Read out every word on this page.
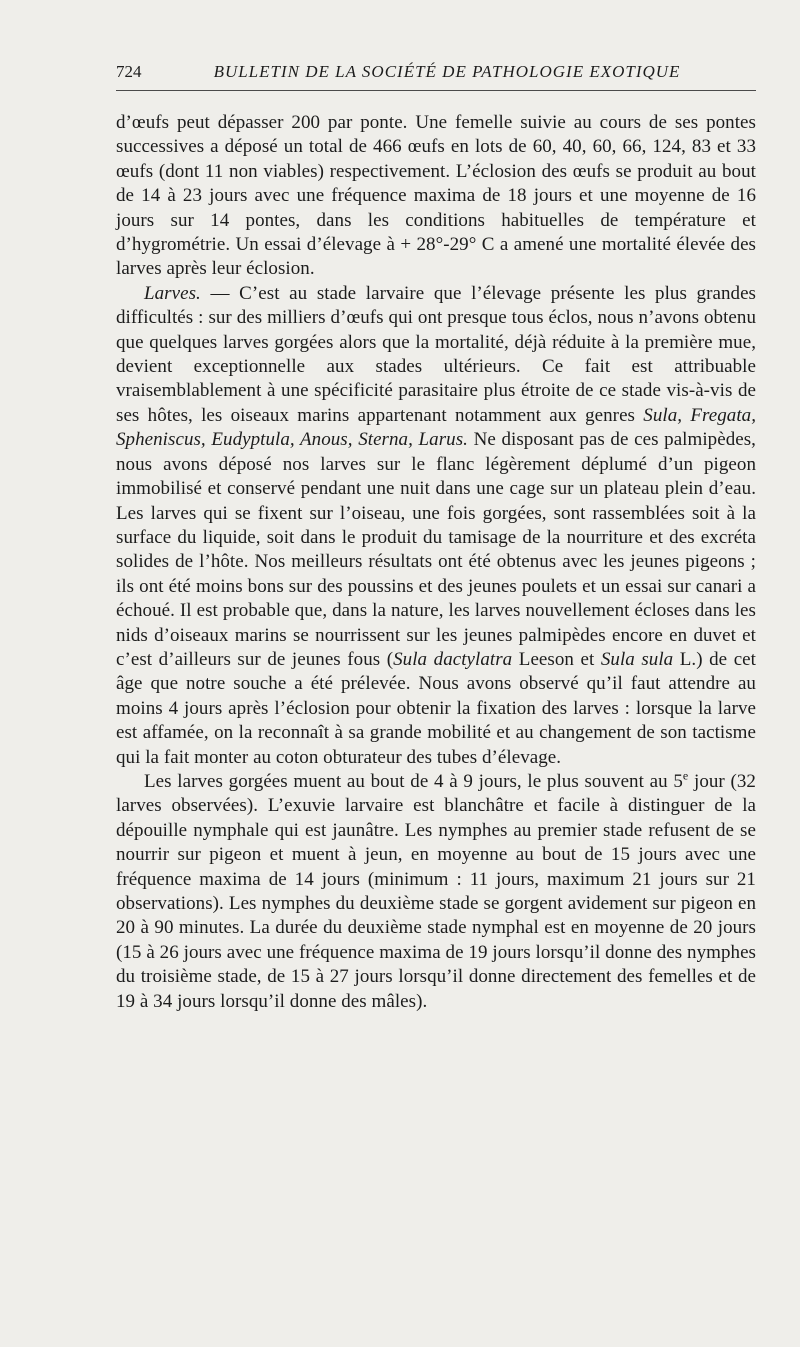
724	BULLETIN DE LA SOCIÉTÉ DE PATHOLOGIE EXOTIQUE

d’œufs peut dépasser 200 par ponte. Une femelle suivie au cours de ses pontes successives a déposé un total de 466 œufs en lots de 60, 40, 60, 66, 124, 83 et 33 œufs (dont 11 non viables) respectivement. L’éclosion des œufs se produit au bout de 14 à 23 jours avec une fréquence maxima de 18 jours et une moyenne de 16 jours sur 14 pontes, dans les conditions habituelles de température et d’hygrométrie. Un essai d’élevage à + 28°-29° C a amené une mortalité élevée des larves après leur éclosion.

Larves. — C’est au stade larvaire que l’élevage présente les plus grandes difficultés : sur des milliers d’œufs qui ont presque tous éclos, nous n’avons obtenu que quelques larves gorgées alors que la mortalité, déjà réduite à la première mue, devient exceptionnelle aux stades ultérieurs. Ce fait est attribuable vraisemblablement à une spécificité parasitaire plus étroite de ce stade vis-à-vis de ses hôtes, les oiseaux marins appartenant notamment aux genres Sula, Fregata, Spheniscus, Eudyptula, Anous, Sterna, Larus. Ne disposant pas de ces palmipèdes, nous avons déposé nos larves sur le flanc légèrement déplumé d’un pigeon immobilisé et conservé pendant une nuit dans une cage sur un plateau plein d’eau. Les larves qui se fixent sur l’oiseau, une fois gorgées, sont rassemblées soit à la surface du liquide, soit dans le produit du tamisage de la nourriture et des excréta solides de l’hôte. Nos meilleurs résultats ont été obtenus avec les jeunes pigeons ; ils ont été moins bons sur des poussins et des jeunes poulets et un essai sur canari a échoué. Il est probable que, dans la nature, les larves nouvellement écloses dans les nids d’oiseaux marins se nourrissent sur les jeunes palmipèdes encore en duvet et c’est d’ailleurs sur de jeunes fous (Sula dactylatra Leeson et Sula sula L.) de cet âge que notre souche a été prélevée. Nous avons observé qu’il faut attendre au moins 4 jours après l’éclosion pour obtenir la fixation des larves : lorsque la larve est affamée, on la reconnaît à sa grande mobilité et au changement de son tactisme qui la fait monter au coton obturateur des tubes d’élevage.

Les larves gorgées muent au bout de 4 à 9 jours, le plus souvent au 5e jour (32 larves observées). L’exuvie larvaire est blanchâtre et facile à distinguer de la dépouille nymphale qui est jaunâtre. Les nymphes au premier stade refusent de se nourrir sur pigeon et muent à jeun, en moyenne au bout de 15 jours avec une fréquence maxima de 14 jours (minimum : 11 jours, maximum 21 jours sur 21 observations). Les nymphes du deuxième stade se gorgent avidement sur pigeon en 20 à 90 minutes. La durée du deuxième stade nymphal est en moyenne de 20 jours (15 à 26 jours avec une fréquence maxima de 19 jours lorsqu’il donne des nymphes du troisième stade, de 15 à 27 jours lorsqu’il donne directement des femelles et de 19 à 34 jours lorsqu’il donne des mâles).
